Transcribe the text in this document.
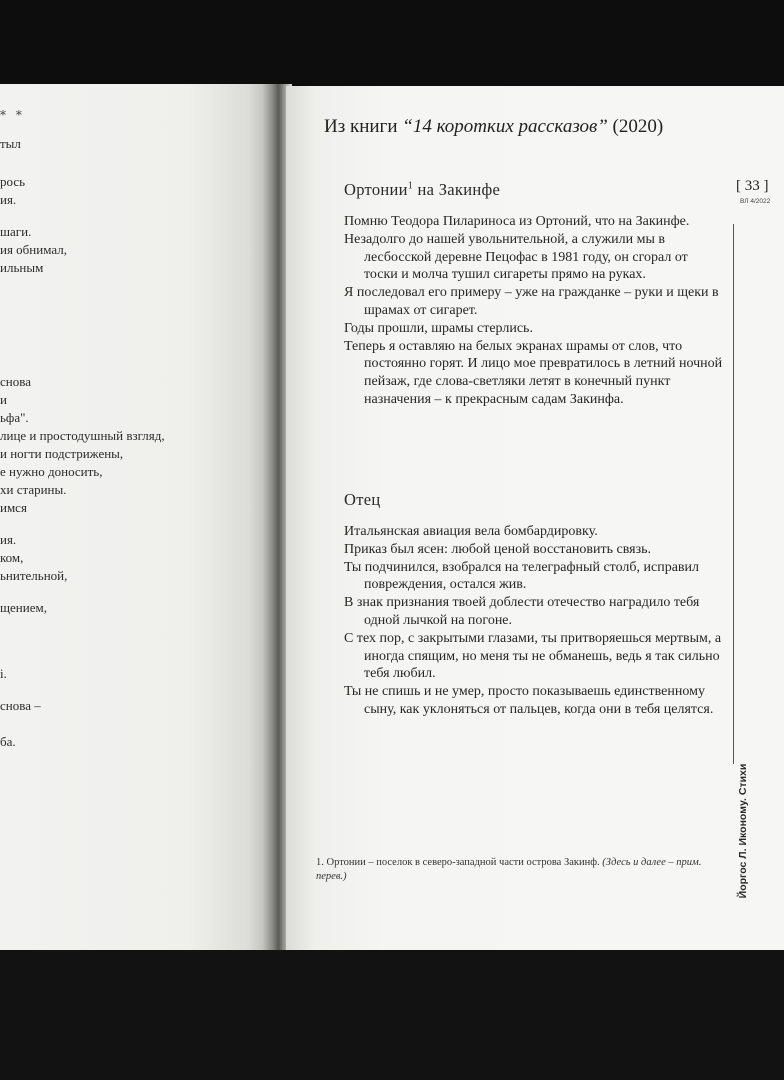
* *
тыл
рось
ия.
шаги.
ия обнимал,
ильным
снова
и
ьфа".
лице и простодушный взгляд,
и ногти подстрижены,
е нужно доносить,
хи старины.
имся
ия.
ком,
ьнительной,
щением,
і.
снова –
ба.
Из книги “14 коротких рассказов” (2020)
Ортонии$^1$ на Закинфе

Помню Теодора Пилариноса из Ортоний, что на Закинфе.

Незадолго до нашей увольнительной, а служили мы в лесбосской деревне Пецофас в 1981 году, он сгорал от тоски и молча тушил сигареты прямо на руках.

Я последовал его примеру – уже на гражданке – руки и щеки в шрамах от сигарет.

Годы прошли, шрамы стерлись.

Теперь я оставляю на белых экранах шрамы от слов, что постоянно горят. И лицо мое превратилось в летний ночной пейзаж, где слова-светляки летят в конечный пункт назначения – к прекрасным садам Закинфа.

Отец

Итальянская авиация вела бомбардировку.

Приказ был ясен: любой ценой восстановить связь.

Ты подчинился, взобрался на телеграфный столб, исправил повреждения, остался жив.

В знак признания твоей доблести отечество наградило тебя одной лычкой на погоне.

С тех пор, с закрытыми глазами, ты притворяешься мертвым, а иногда спящим, но меня ты не обманешь, ведь я так сильно тебя любил.

Ты не спишь и не умер, просто показываешь единственному сыну, как уклоняться от пальцев, когда они в тебя целятся.

1. Ортонии – поселок в северо-западной части острова Закинф. (Здесь и далее – прим. перев.)
[ 33 ]
ВЛ 4/2022
Йоргос Л. Икономy. Стихи
